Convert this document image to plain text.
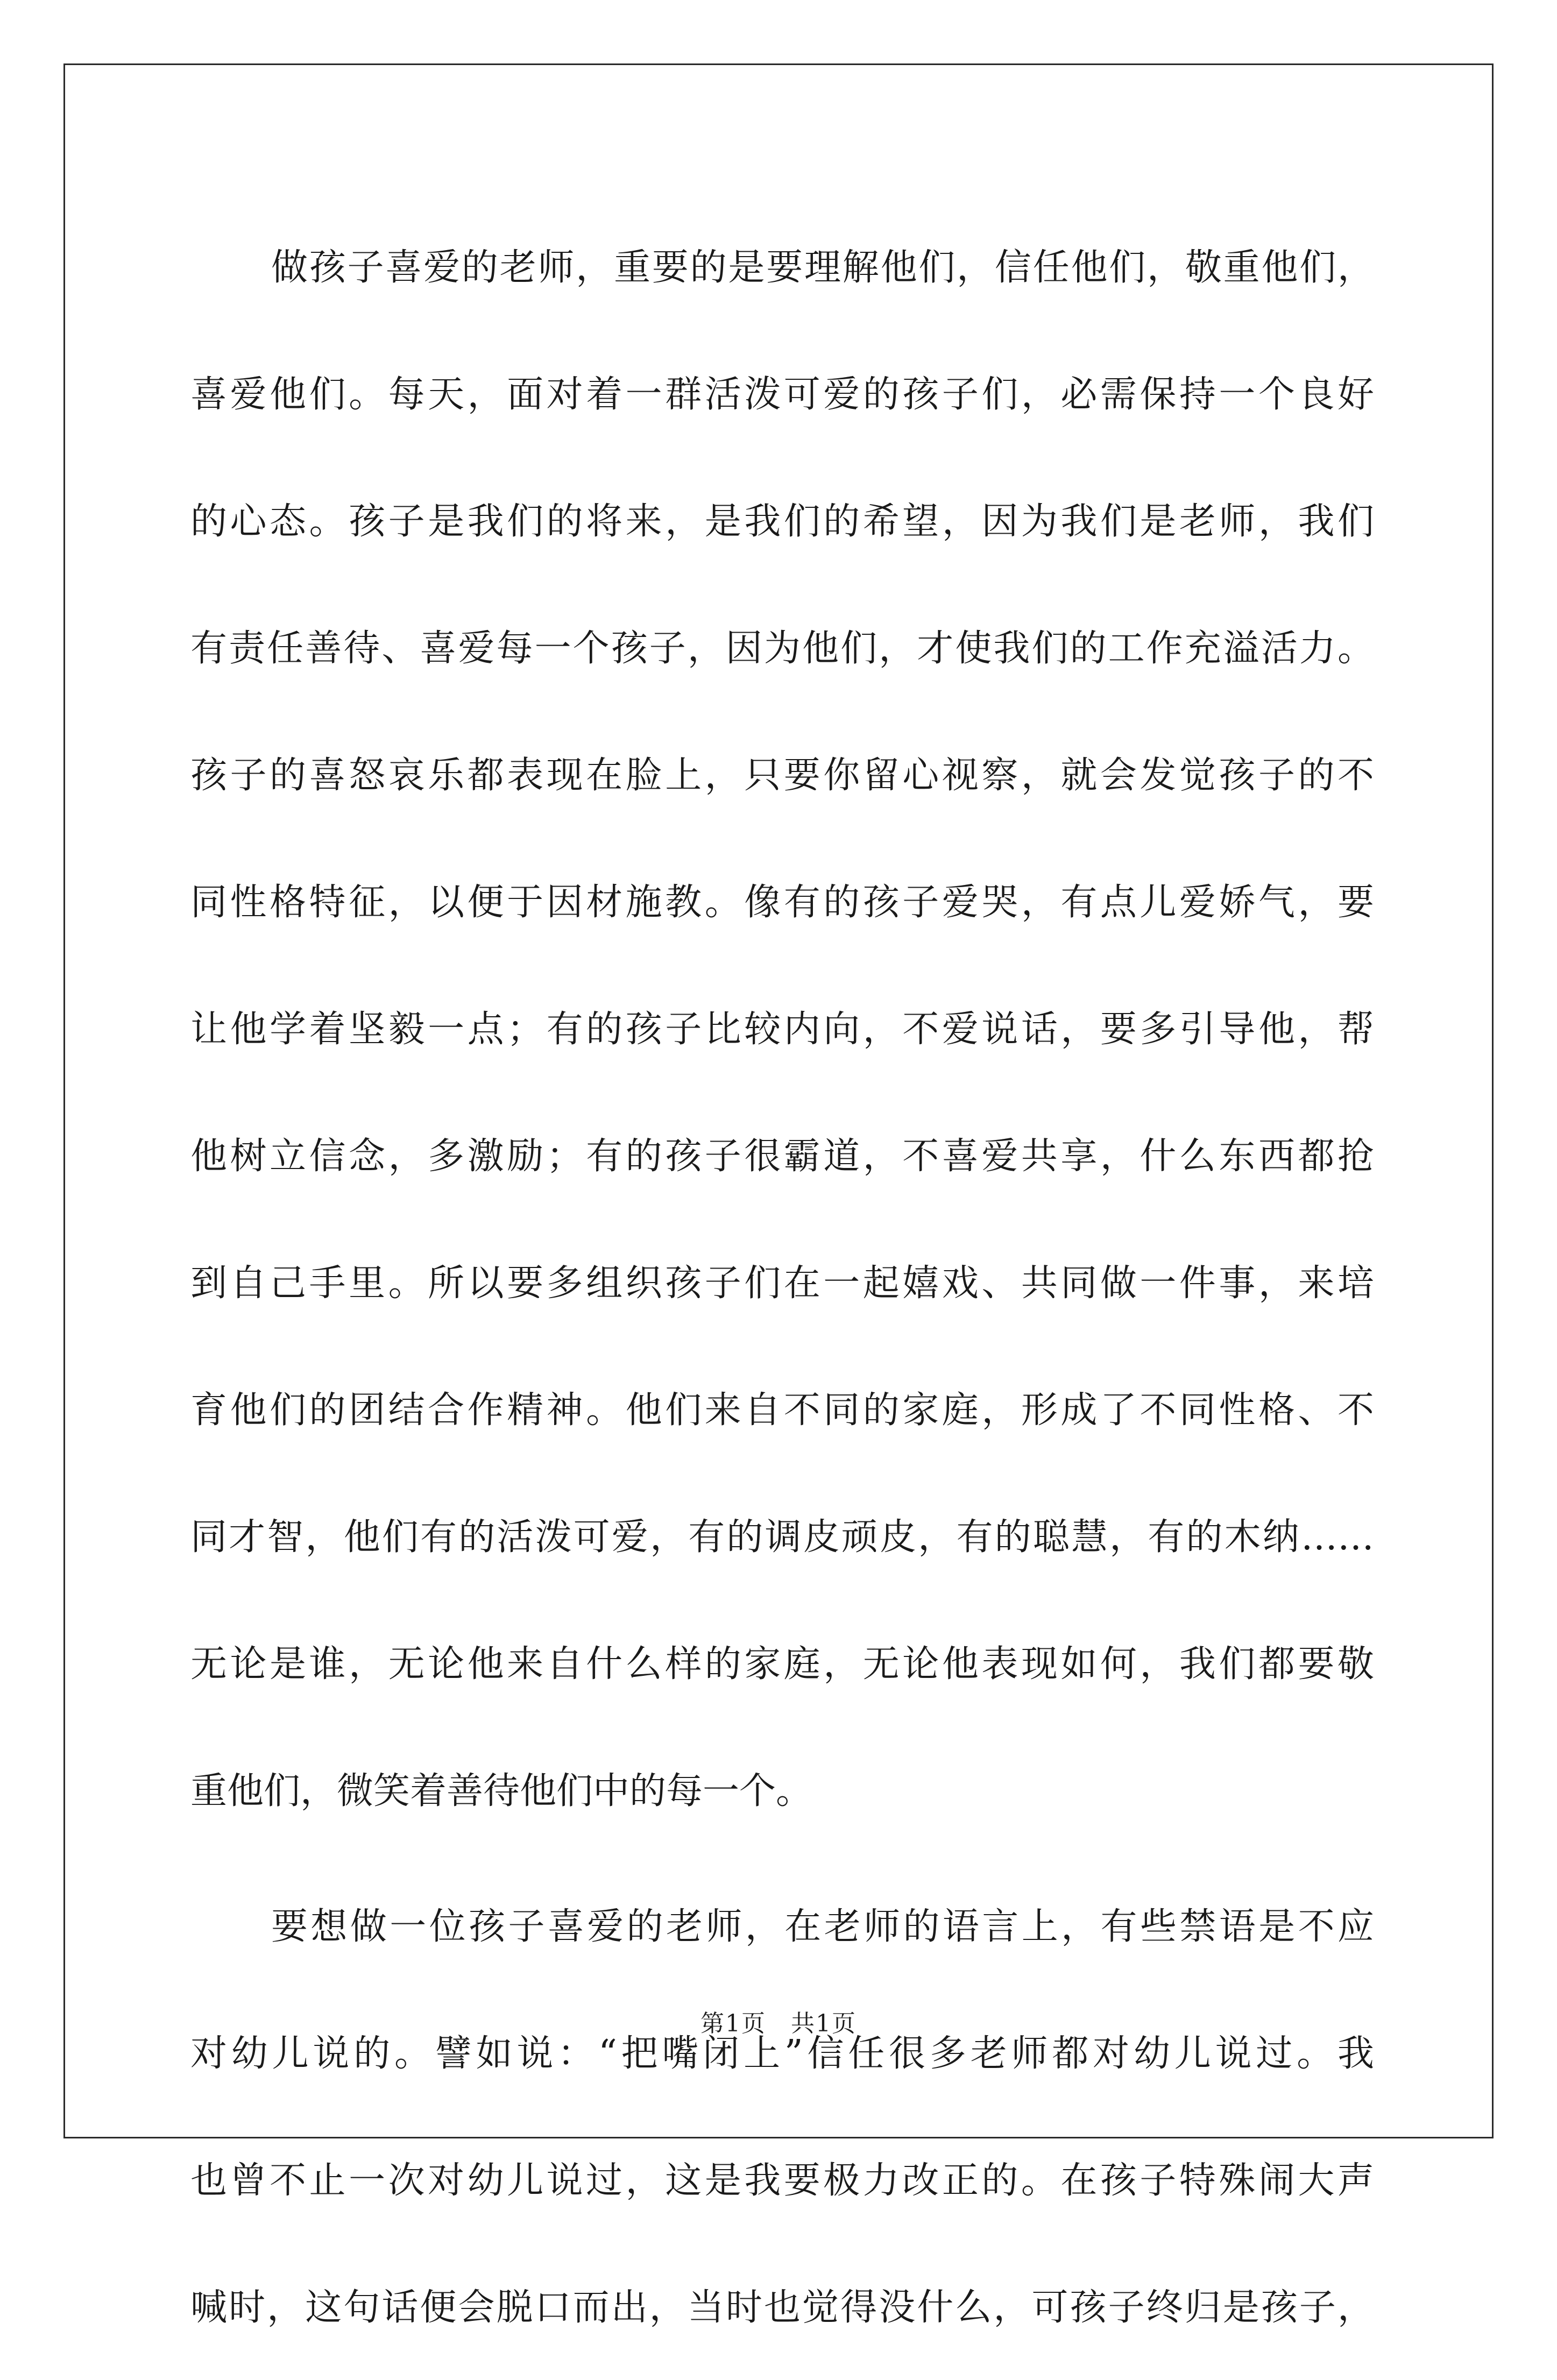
做孩子喜爱的老师，重要的是要理解他们，信任他们，敬重他们，
喜爱他们。每天，面对着一群活泼可爱的孩子们，必需保持一个良好
的心态。孩子是我们的将来，是我们的希望，因为我们是老师，我们
有责任善待、喜爱每一个孩子，因为他们，才使我们的工作充溢活力。
孩子的喜怒哀乐都表现在脸上，只要你留心视察，就会发觉孩子的不
同性格特征，以便于因材施教。像有的孩子爱哭，有点儿爱娇气，要
让他学着坚毅一点；有的孩子比较内向，不爱说话，要多引导他，帮
他树立信念，多激励；有的孩子很霸道，不喜爱共享，什么东西都抢
到自己手里。所以要多组织孩子们在一起嬉戏、共同做一件事，来培
育他们的团结合作精神。他们来自不同的家庭，形成了不同性格、不
同才智，他们有的活泼可爱，有的调皮顽皮，有的聪慧，有的木纳……
无论是谁，无论他来自什么样的家庭，无论他表现如何，我们都要敬
重他们，微笑着善待他们中的每一个。
要想做一位孩子喜爱的老师，在老师的语言上，有些禁语是不应
对幼儿说的。譬如说：“把嘴闭上”信任很多老师都对幼儿说过。我
也曾不止一次对幼儿说过，这是我要极力改正的。在孩子特殊闹大声
喊时，这句话便会脱口而出，当时也觉得没什么，可孩子终归是孩子，
第1页　共1页
